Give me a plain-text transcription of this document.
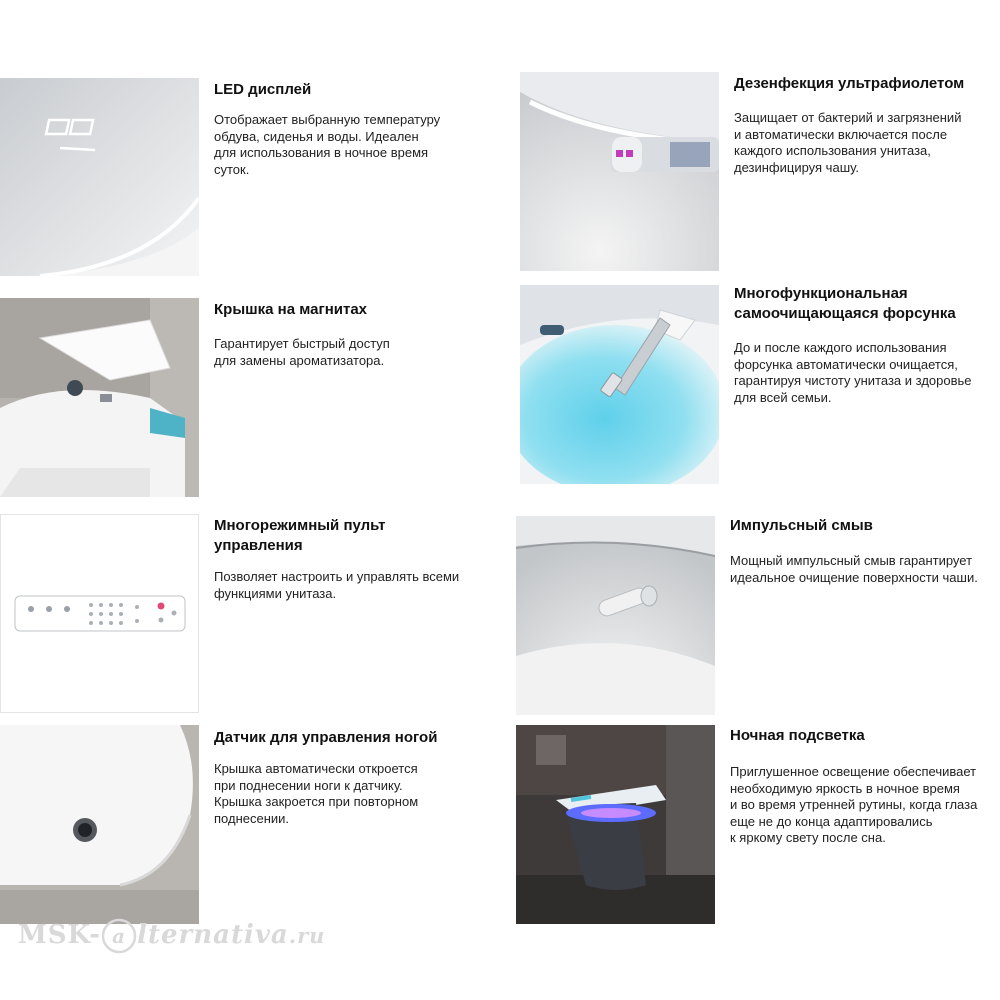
LED дисплей
Отображает выбранную температуру
обдува, сиденья и воды. Идеален
для использования в ночное время
суток.
Дезенфекция ультрафиолетом
Защищает от бактерий и загрязнений
и автоматически включается после
каждого использования унитаза,
дезинфицируя чашу.
Крышка на магнитах
Гарантирует быстрый доступ
для замены ароматизатора.
Многофункциональная
самоочищающаяся форсунка
До и после каждого использования
форсунка автоматически очищается,
гарантируя чистоту унитаза и здоровье
для всей семьи.
Многорежимный пульт
управления
Позволяет настроить и управлять всеми
функциями унитаза.
Импульсный смыв
Мощный импульсный смыв гарантирует
идеальное очищение поверхности чаши.
Датчик для управления ногой
Крышка автоматически откроется
при поднесении ноги к датчику.
Крышка закроется при повторном
поднесении.
Ночная подсветка
Приглушенное освещение обеспечивает
необходимую яркость в ночное время
и во время утренней рутины, когда глаза
еще не до конца адаптировались
к яркому свету после сна.
MSK- a lternativa.ru
